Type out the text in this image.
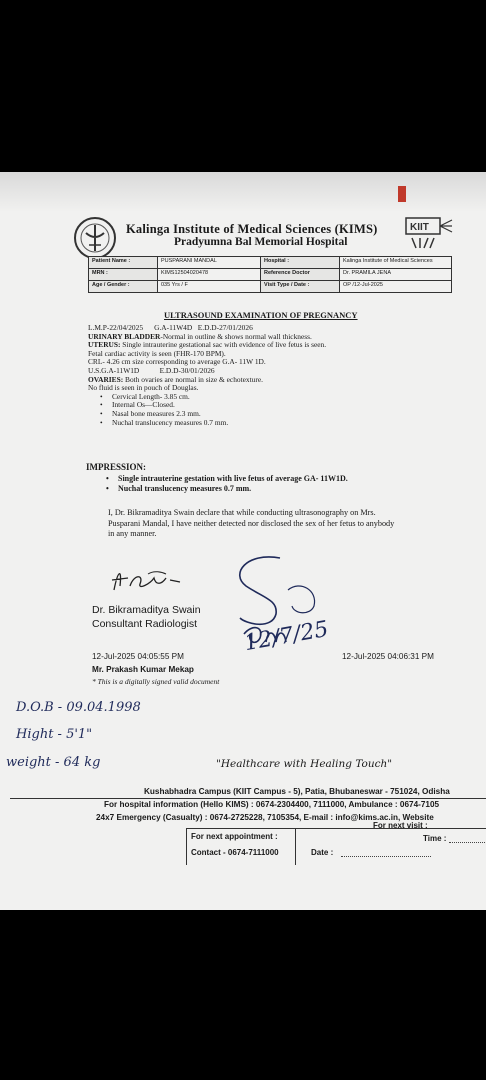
Kalinga Institute of Medical Sciences (KIMS)
Pradyumna Bal Memorial Hospital
KIIT
Patient Name :	PUSPARANI MANDAL	Hospital :	Kalinga Institute of Medical Sciences
MRN :	KIMS12504020478	Reference Doctor	Dr. PRAMILA JENA
Age / Gender :	035 Yrs / F	Visit Type / Date :	OP /12-Jul-2025
ULTRASOUND EXAMINATION OF PREGNANCY
L.M.P-22/04/2025      G.A-11W4D   E.D.D-27/01/2026
URINARY BLADDER-Normal in outline & shows normal wall thickness.
UTERUS: Single intrauterine gestational sac with evidence of live fetus is seen.
Fetal cardiac activity is seen (FHR-170 BPM).
CRL- 4.26 cm size corresponding to average G.A- 11W 1D.
U.S.G.A-11W1D           E.D.D-30/01/2026
OVARIES: Both ovaries are normal in size & echotexture.
No fluid is seen in pouch of Douglas.
• Cervical Length- 3.85 cm.
• Internal Os—Closed.
• Nasal bone measures 2.3 mm.
• Nuchal translucency measures 0.7 mm.
IMPRESSION:
• Single intrauterine gestation with live fetus of average GA- 11W1D.
• Nuchal translucency measures 0.7 mm.
I, Dr. Bikramaditya Swain declare that while conducting ultrasonography on Mrs.
Pusparani Mandal, I have neither detected nor disclosed the sex of her fetus to anybody
in any manner.
12/7/25
Dr. Bikramaditya Swain
Consultant Radiologist
12-Jul-2025 04:05:55 PM
Mr. Prakash Kumar Mekap
* This is a digitally signed valid document
12-Jul-2025 04:06:31 PM
D.O.B - 09.04.1998
Hight - 5'1"
weight - 64 kg	"Healthcare with Healing Touch"
Kushabhadra Campus (KIIT Campus - 5), Patia, Bhubaneswar - 751024, Odisha
For hospital information (Hello KIMS) : 0674-2304400, 7111000, Ambulance : 0674-7105
24x7 Emergency (Casualty) : 0674-2725228, 7105354, E-mail : info@kims.ac.in, Website
For next appointment :
Contact - 0674-7111000	Date :
For next visit :
Time :
